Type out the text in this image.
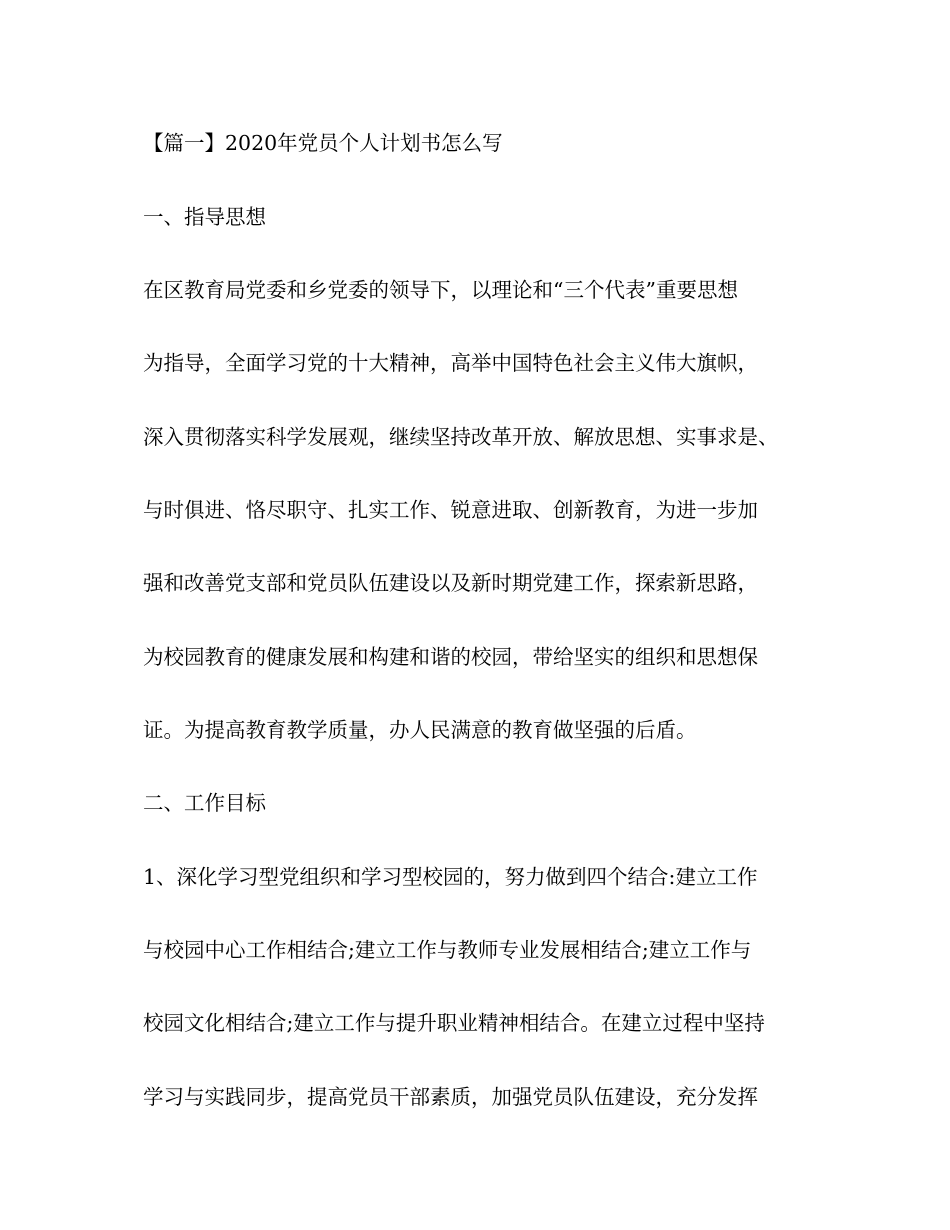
【篇一】2020年党员个人计划书怎么写
一、指导思想
在区教育局党委和乡党委的领导下，以理论和“三个代表”重要思想
为指导，全面学习党的十大精神，高举中国特色社会主义伟大旗帜，
深入贯彻落实科学发展观，继续坚持改革开放、解放思想、实事求是、
与时俱进、恪尽职守、扎实工作、锐意进取、创新教育，为进一步加
强和改善党支部和党员队伍建设以及新时期党建工作，探索新思路，
为校园教育的健康发展和构建和谐的校园，带给坚实的组织和思想保
证。为提高教育教学质量，办人民满意的教育做坚强的后盾。
二、工作目标
1、深化学习型党组织和学习型校园的，努力做到四个结合:建立工作
与校园中心工作相结合;建立工作与教师专业发展相结合;建立工作与
校园文化相结合;建立工作与提升职业精神相结合。在建立过程中坚持
学习与实践同步，提高党员干部素质，加强党员队伍建设，充分发挥
